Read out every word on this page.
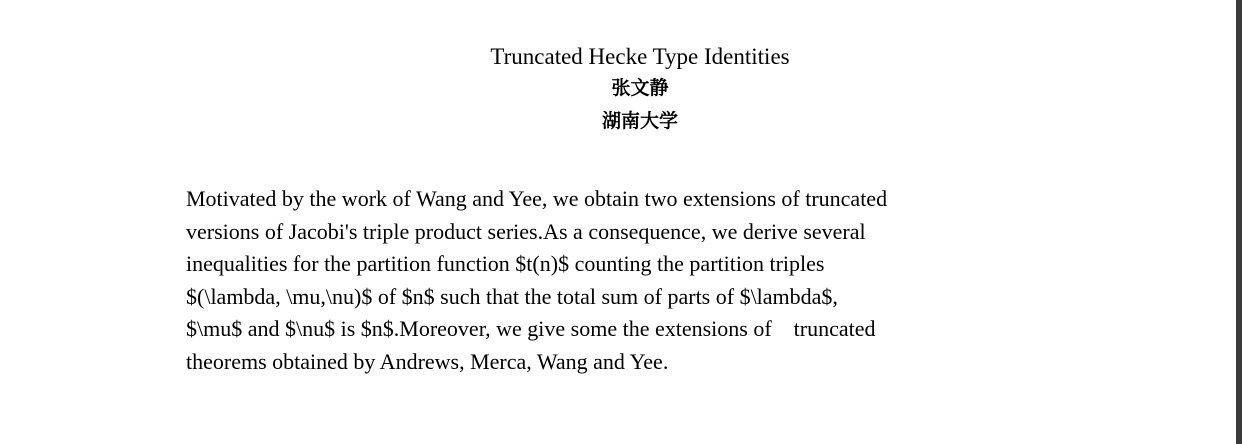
Truncated Hecke Type Identities
张文静
湖南大学
Motivated by the work of Wang and Yee, we obtain two extensions of truncated
versions of Jacobi's triple product series.As a consequence, we derive several
inequalities for the partition function $t(n)$ counting the partition triples
$(\lambda, \mu,\nu)$ of $n$ such that the total sum of parts of $\lambda$,
$\mu$ and $\nu$ is $n$.Moreover, we give some the extensions of    truncated
theorems obtained by Andrews, Merca, Wang and Yee.
